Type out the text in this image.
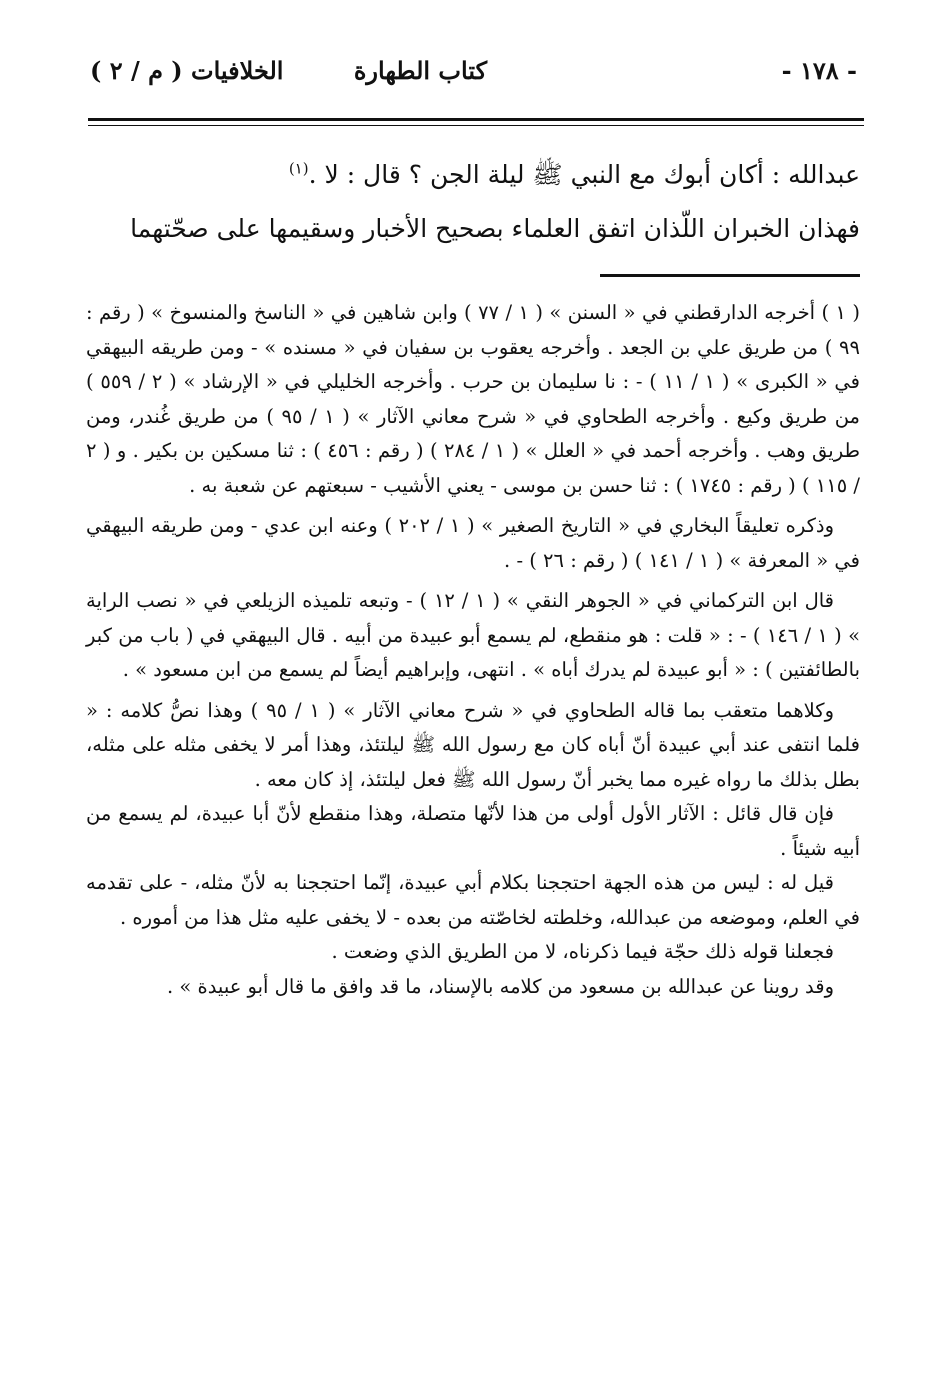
- ١٧٨ -
كتاب الطهارة
الخلافيات ( م / ٢ )

عبدالله : أكان أبوك مع النبي ﷺ ليلة الجن ؟ قال : لا .$^{(١)}$

فهذان الخبران اللّذان اتفق العلماء بصحيح الأخبار وسقيمها على صحّتهما

( ١ ) أخرجه الدارقطني في « السنن » ( ١ / ٧٧ ) وابن شاهين في « الناسخ والمنسوخ » ( رقم : ٩٩ ) من طريق علي بن الجعد . وأخرجه يعقوب بن سفيان في « مسنده » - ومن طريقه البيهقي في « الكبرى » ( ١ / ١١ ) - : نا سليمان بن حرب . وأخرجه الخليلي في « الإرشاد » ( ٢ / ٥٥٩ ) من طريق وكيع . وأخرجه الطحاوي في « شرح معاني الآثار » ( ١ / ٩٥ ) من طريق غُندر، ومن طريق وهب . وأخرجه أحمد في « العلل » ( ١ / ٢٨٤ ) ( رقم : ٤٥٦ ) : ثنا مسكين بن بكير . و ( ٢ / ١١٥ ) ( رقم : ١٧٤٥ ) : ثنا حسن بن موسى - يعني الأشيب - سبعتهم عن شعبة به .

وذكره تعليقاً البخاري في « التاريخ الصغير » ( ١ / ٢٠٢ ) وعنه ابن عدي - ومن طريقه البيهقي في « المعرفة » ( ١ / ١٤١ ) ( رقم : ٢٦ ) - .

قال ابن التركماني في « الجوهر النقي » ( ١ / ١٢ ) - وتبعه تلميذه الزيلعي في « نصب الراية » ( ١ / ١٤٦ ) - : « قلت : هو منقطع، لم يسمع أبو عبيدة من أبيه . قال البيهقي في ( باب من كبر بالطائفتين ) : « أبو عبيدة لم يدرك أباه » . انتهى، وإبراهيم أيضاً لم يسمع من ابن مسعود » .

وكلاهما متعقب بما قاله الطحاوي في « شرح معاني الآثار » ( ١ / ٩٥ ) وهذا نصُّ كلامه : « فلما انتفى عند أبي عبيدة أنّ أباه كان مع رسول الله ﷺ ليلتئذ، وهذا أمر لا يخفى مثله على مثله، بطل بذلك ما رواه غيره مما يخبر أنّ رسول الله ﷺ فعل ليلتئذ، إذ كان معه .

فإن قال قائل : الآثار الأول أولى من هذا لأنّها متصلة، وهذا منقطع لأنّ أبا عبيدة، لم يسمع من أبيه شيئاً .

قيل له : ليس من هذه الجهة احتججنا بكلام أبي عبيدة، إنّما احتججنا به لأنّ مثله، - على تقدمه في العلم، وموضعه من عبدالله، وخلطته لخاصّته من بعده - لا يخفى عليه مثل هذا من أموره .

فجعلنا قوله ذلك حجّة فيما ذكرناه، لا من الطريق الذي وضعت .

وقد روينا عن عبدالله بن مسعود من كلامه بالإسناد، ما قد وافق ما قال أبو عبيدة » .
